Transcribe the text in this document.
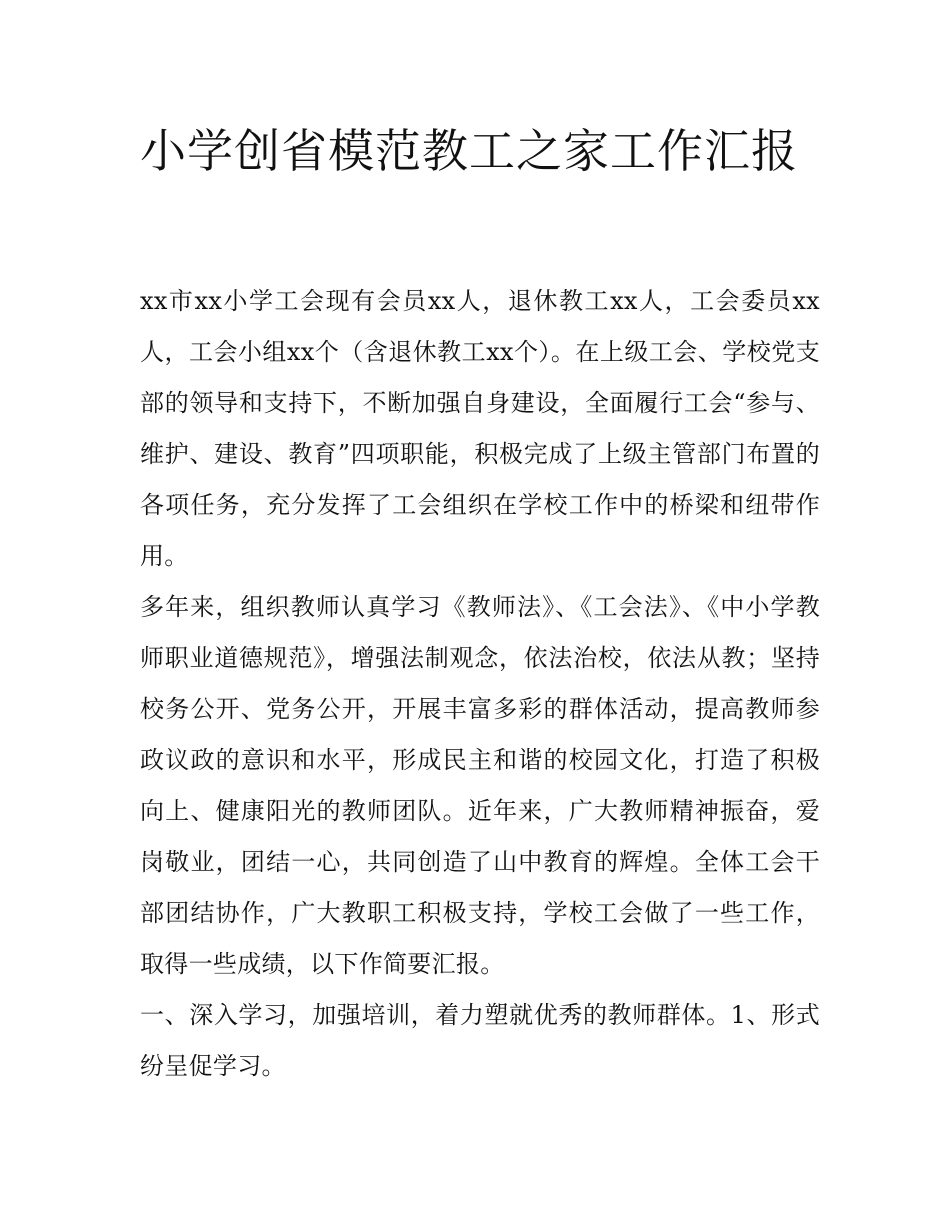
小学创省模范教工之家工作汇报

xx市xx小学工会现有会员xx人，退休教工xx人，工会委员xx人，工会小组xx个（含退休教工xx个）。在上级工会、学校党支部的领导和支持下，不断加强自身建设，全面履行工会“参与、维护、建设、教育”四项职能，积极完成了上级主管部门布置的各项任务，充分发挥了工会组织在学校工作中的桥梁和纽带作用。

多年来，组织教师认真学习《教师法》、《工会法》、《中小学教师职业道德规范》，增强法制观念，依法治校，依法从教；坚持校务公开、党务公开，开展丰富多彩的群体活动，提高教师参政议政的意识和水平，形成民主和谐的校园文化，打造了积极向上、健康阳光的教师团队。近年来，广大教师精神振奋，爱岗敬业，团结一心，共同创造了山中教育的辉煌。全体工会干部团结协作，广大教职工积极支持，学校工会做了一些工作，取得一些成绩，以下作简要汇报。

一、深入学习，加强培训，着力塑就优秀的教师群体。1、形式纷呈促学习。
